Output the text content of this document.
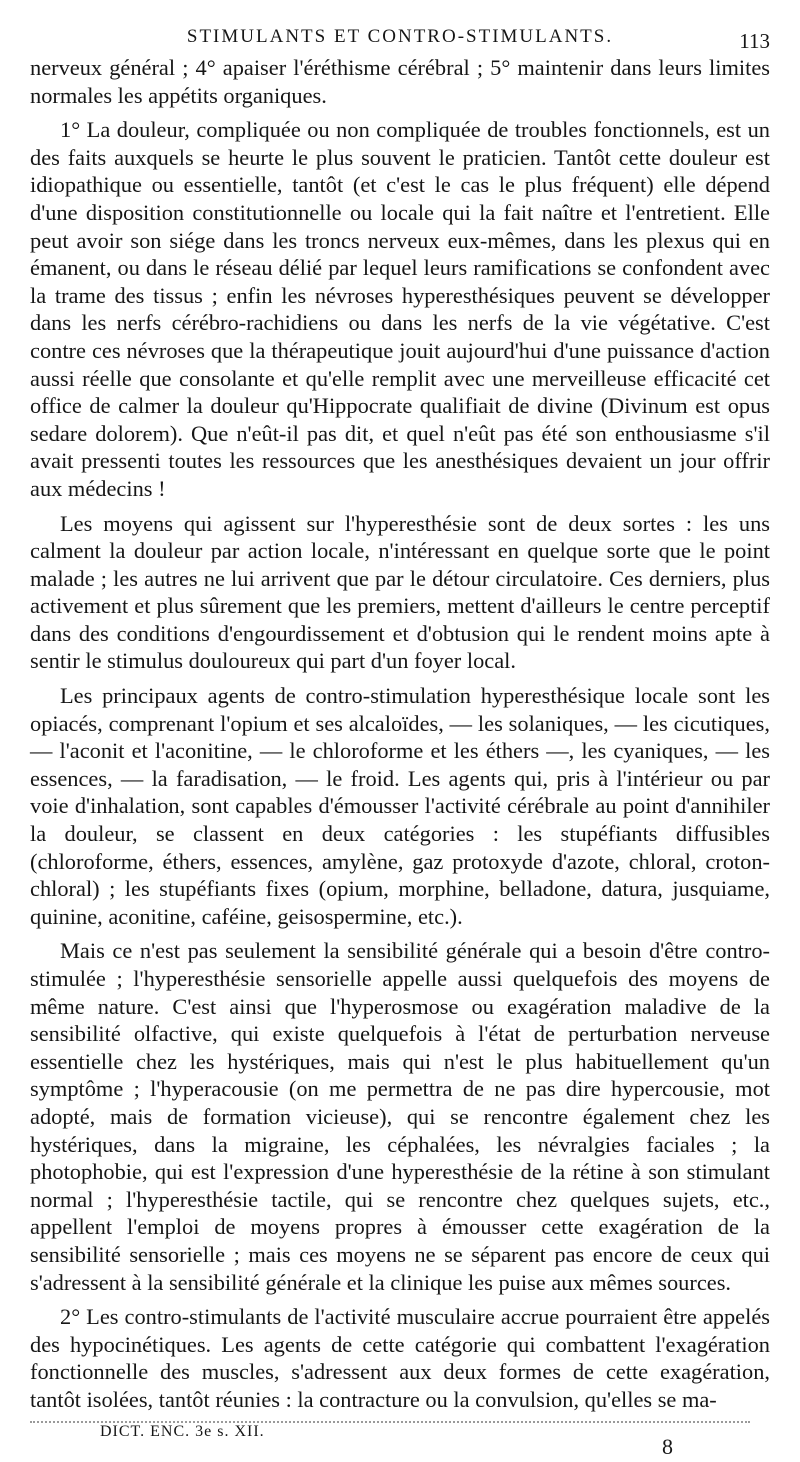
STIMULANTS ET CONTRO-STIMULANTS.	113

nerveux général ; 4° apaiser l'éréthisme cérébral ; 5° maintenir dans leurs limites normales les appétits organiques.

1° La douleur, compliquée ou non compliquée de troubles fonctionnels, est un des faits auxquels se heurte le plus souvent le praticien. Tantôt cette douleur est idiopathique ou essentielle, tantôt (et c'est le cas le plus fréquent) elle dépend d'une disposition constitutionnelle ou locale qui la fait naître et l'entretient. Elle peut avoir son siége dans les troncs nerveux eux-mêmes, dans les plexus qui en émanent, ou dans le réseau délié par lequel leurs ramifications se confondent avec la trame des tissus ; enfin les névroses hyperesthésiques peuvent se développer dans les nerfs cérébro-rachidiens ou dans les nerfs de la vie végétative. C'est contre ces névroses que la thérapeutique jouit aujourd'hui d'une puissance d'action aussi réelle que consolante et qu'elle remplit avec une merveilleuse efficacité cet office de calmer la douleur qu'Hippocrate qualifiait de divine (Divinum est opus sedare dolorem). Que n'eût-il pas dit, et quel n'eût pas été son enthousiasme s'il avait pressenti toutes les ressources que les anesthésiques devaient un jour offrir aux médecins !

Les moyens qui agissent sur l'hyperesthésie sont de deux sortes : les uns calment la douleur par action locale, n'intéressant en quelque sorte que le point malade ; les autres ne lui arrivent que par le détour circulatoire. Ces derniers, plus activement et plus sûrement que les premiers, mettent d'ailleurs le centre perceptif dans des conditions d'engourdissement et d'obtusion qui le rendent moins apte à sentir le stimulus douloureux qui part d'un foyer local.

Les principaux agents de contro-stimulation hyperesthésique locale sont les opiacés, comprenant l'opium et ses alcaloïdes, — les solaniques, — les cicutiques, — l'aconit et l'aconitine, — le chloroforme et les éthers —, les cyaniques, — les essences, — la faradisation, — le froid. Les agents qui, pris à l'intérieur ou par voie d'inhalation, sont capables d'émousser l'activité cérébrale au point d'annihiler la douleur, se classent en deux catégories : les stupéfiants diffusibles (chloroforme, éthers, essences, amylène, gaz protoxyde d'azote, chloral, croton-chloral) ; les stupéfiants fixes (opium, morphine, belladone, datura, jusquiame, quinine, aconitine, caféine, geisospermine, etc.).

Mais ce n'est pas seulement la sensibilité générale qui a besoin d'être contro-stimulée ; l'hyperesthésie sensorielle appelle aussi quelquefois des moyens de même nature. C'est ainsi que l'hyperosmose ou exagération maladive de la sensibilité olfactive, qui existe quelquefois à l'état de perturbation nerveuse essentielle chez les hystériques, mais qui n'est le plus habituellement qu'un symptôme ; l'hyperacousie (on me permettra de ne pas dire hypercousie, mot adopté, mais de formation vicieuse), qui se rencontre également chez les hystériques, dans la migraine, les céphalées, les névralgies faciales ; la photophobie, qui est l'expression d'une hyperesthésie de la rétine à son stimulant normal ; l'hyperesthésie tactile, qui se rencontre chez quelques sujets, etc., appellent l'emploi de moyens propres à émousser cette exagération de la sensibilité sensorielle ; mais ces moyens ne se séparent pas encore de ceux qui s'adressent à la sensibilité générale et la clinique les puise aux mêmes sources.

2° Les contro-stimulants de l'activité musculaire accrue pourraient être appelés des hypocinétiques. Les agents de cette catégorie qui combattent l'exagération fonctionnelle des muscles, s'adressent aux deux formes de cette exagération, tantôt isolées, tantôt réunies : la contracture ou la convulsion, qu'elles se ma-

DICT. ENC. 3e s. XII.
8
